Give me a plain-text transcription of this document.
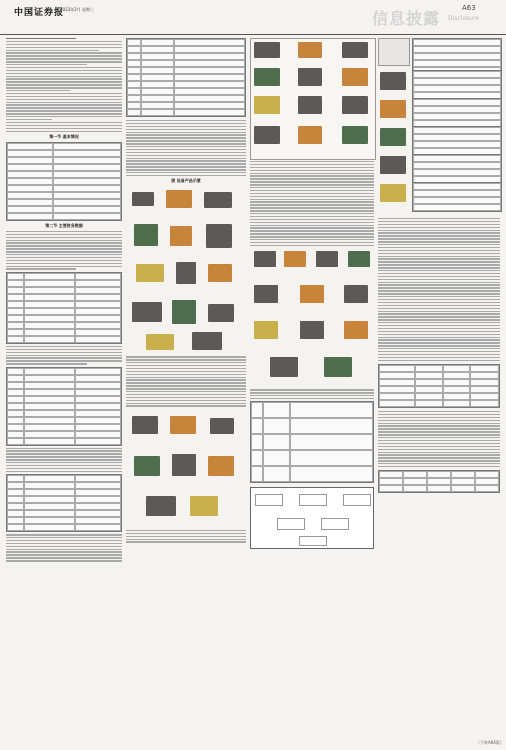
中国证券报
2023年2月 星期三	信息披露
A63
Disclosure
第一节 基本情况
第二节 主要财务数据
图 设备产品示意
（下转A64版）
